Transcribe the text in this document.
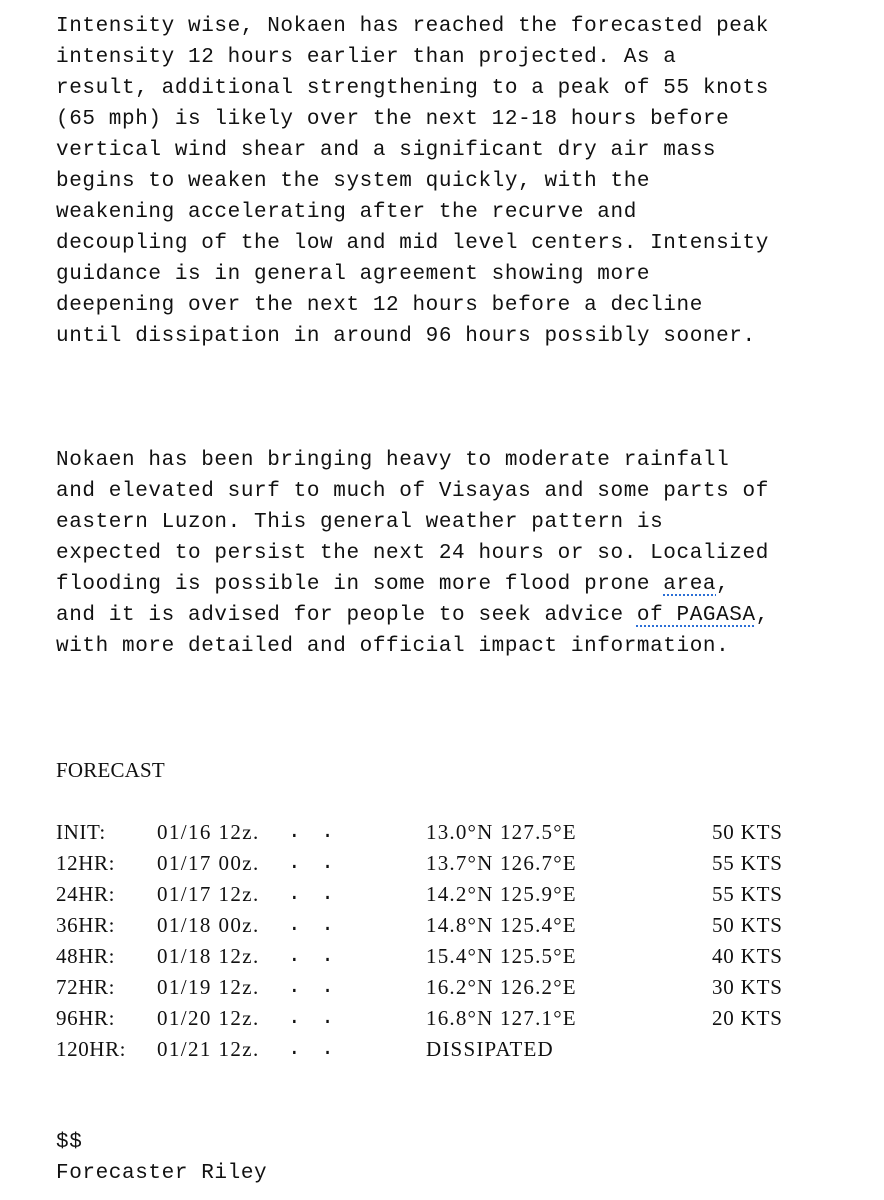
Intensity wise, Nokaen has reached the forecasted peak
intensity 12 hours earlier than projected. As a
result, additional strengthening to a peak of 55 knots
(65 mph) is likely over the next 12-18 hours before
vertical wind shear and a significant dry air mass
begins to weaken the system quickly, with the
weakening accelerating after the recurve and
decoupling of the low and mid level centers. Intensity
guidance is in general agreement showing more
deepening over the next 12 hours before a decline
until dissipation in around 96 hours possibly sooner.
Nokaen has been bringing heavy to moderate rainfall
and elevated surf to much of Visayas and some parts of
eastern Luzon. This general weather pattern is
expected to persist the next 24 hours or so. Localized
flooding is possible in some more flood prone area,
and it is advised for people to seek advice of PAGASA,
with more detailed and official impact information.
FORECAST
INIT: 01/16 12z. . .	13.0°N 127.5°E	50 KTS
12HR: 01/17 00z. . .	13.7°N 126.7°E	55 KTS
24HR: 01/17 12z. . .	14.2°N 125.9°E	55 KTS
36HR: 01/18 00z. . .	14.8°N 125.4°E	50 KTS
48HR: 01/18 12z. . .	15.4°N 125.5°E	40 KTS
72HR: 01/19 12z. . .	16.2°N 126.2°E	30 KTS
96HR: 01/20 12z. . .	16.8°N 127.1°E	20 KTS
120HR: 01/21 12z. . .	DISSIPATED
$$
Forecaster Riley
